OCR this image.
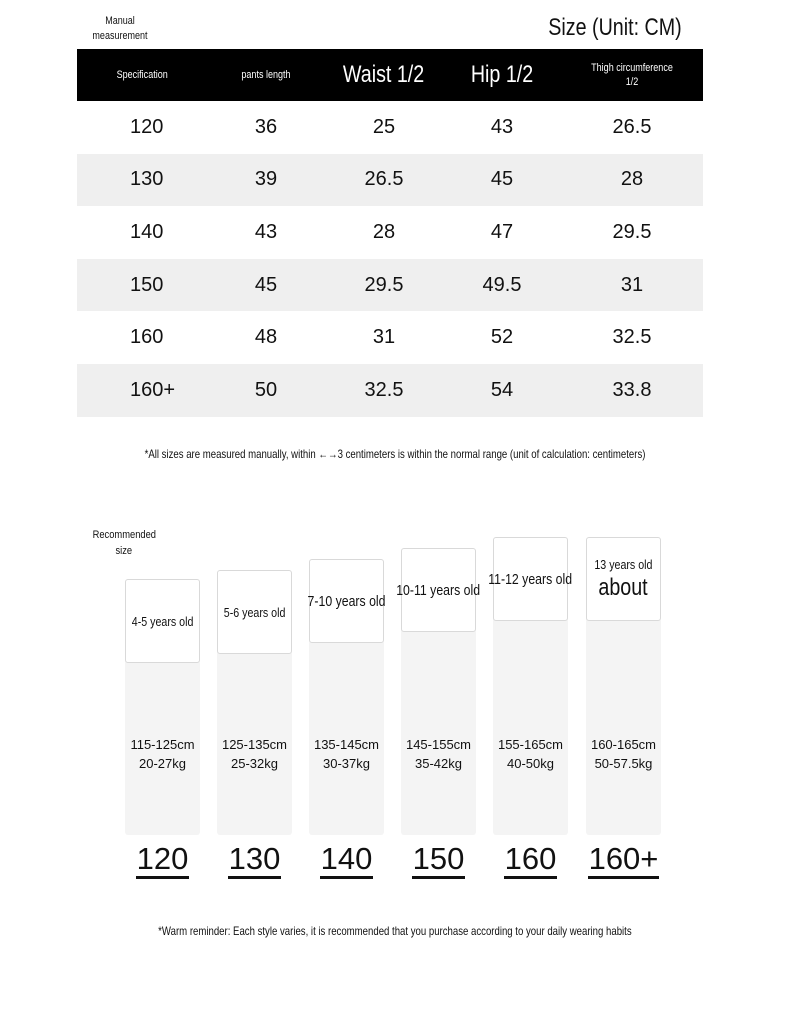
Manual
measurement	Size (Unit: CM)
Specification	pants length	Waist 1/2	Hip 1/2	Thigh circumference 1/2
120	36	25	43	26.5
130	39	26.5	45	28
140	43	28	47	29.5
150	45	29.5	49.5	31
160	48	31	52	32.5
160+	50	32.5	54	33.8
*All sizes are measured manually, within ←→3 centimeters is within the normal range (unit of calculation: centimeters)
Recommended
size
4-5 years old
5-6 years old
7-10 years old
10-11 years old
11-12 years old
13 years old
about
115-125cm
20-27kg
125-135cm
25-32kg
135-145cm
30-37kg
145-155cm
35-42kg
155-165cm
40-50kg
160-165cm
50-57.5kg
120	130	140	150	160	160+
*Warm reminder: Each style varies, it is recommended that you purchase according to your daily wearing habits
